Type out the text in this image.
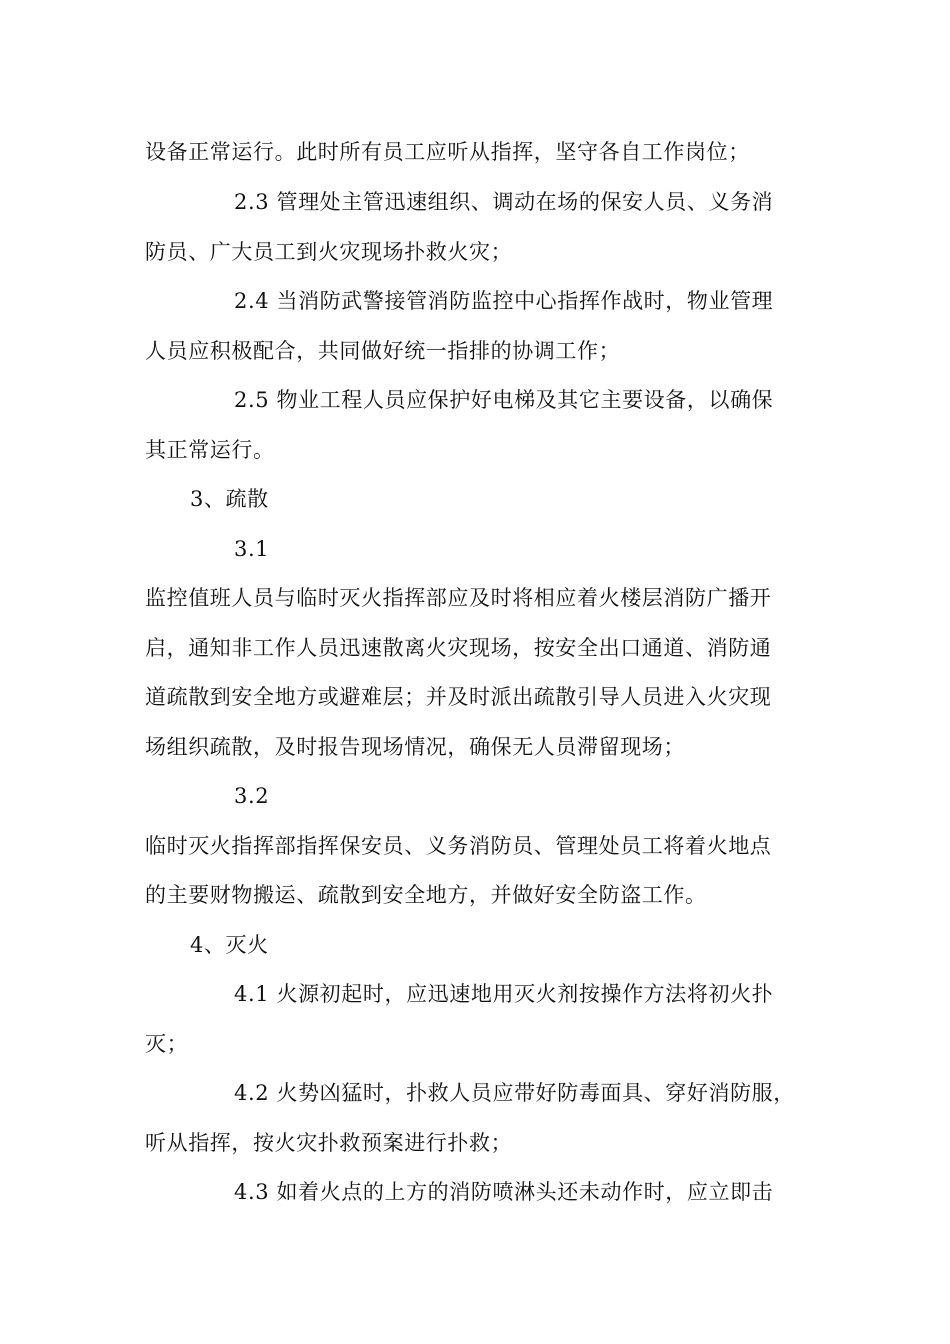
设备正常运行。此时所有员工应听从指挥，坚守各自工作岗位；
2.3 管理处主管迅速组织、调动在场的保安人员、义务消
防员、广大员工到火灾现场扑救火灾；
2.4 当消防武警接管消防监控中心指挥作战时，物业管理
人员应积极配合，共同做好统一指排的协调工作；
2.5 物业工程人员应保护好电梯及其它主要设备，以确保
其正常运行。
3、疏散
3.1
监控值班人员与临时灭火指挥部应及时将相应着火楼层消防广播开
启，通知非工作人员迅速散离火灾现场，按安全出口通道、消防通
道疏散到安全地方或避难层；并及时派出疏散引导人员进入火灾现
场组织疏散，及时报告现场情况，确保无人员滞留现场；
3.2
临时灭火指挥部指挥保安员、义务消防员、管理处员工将着火地点
的主要财物搬运、疏散到安全地方，并做好安全防盗工作。
4、灭火
4.1 火源初起时，应迅速地用灭火剂按操作方法将初火扑
灭；
4.2 火势凶猛时，扑救人员应带好防毒面具、穿好消防服，
听从指挥，按火灾扑救预案进行扑救；
4.3 如着火点的上方的消防喷淋头还未动作时，应立即击
